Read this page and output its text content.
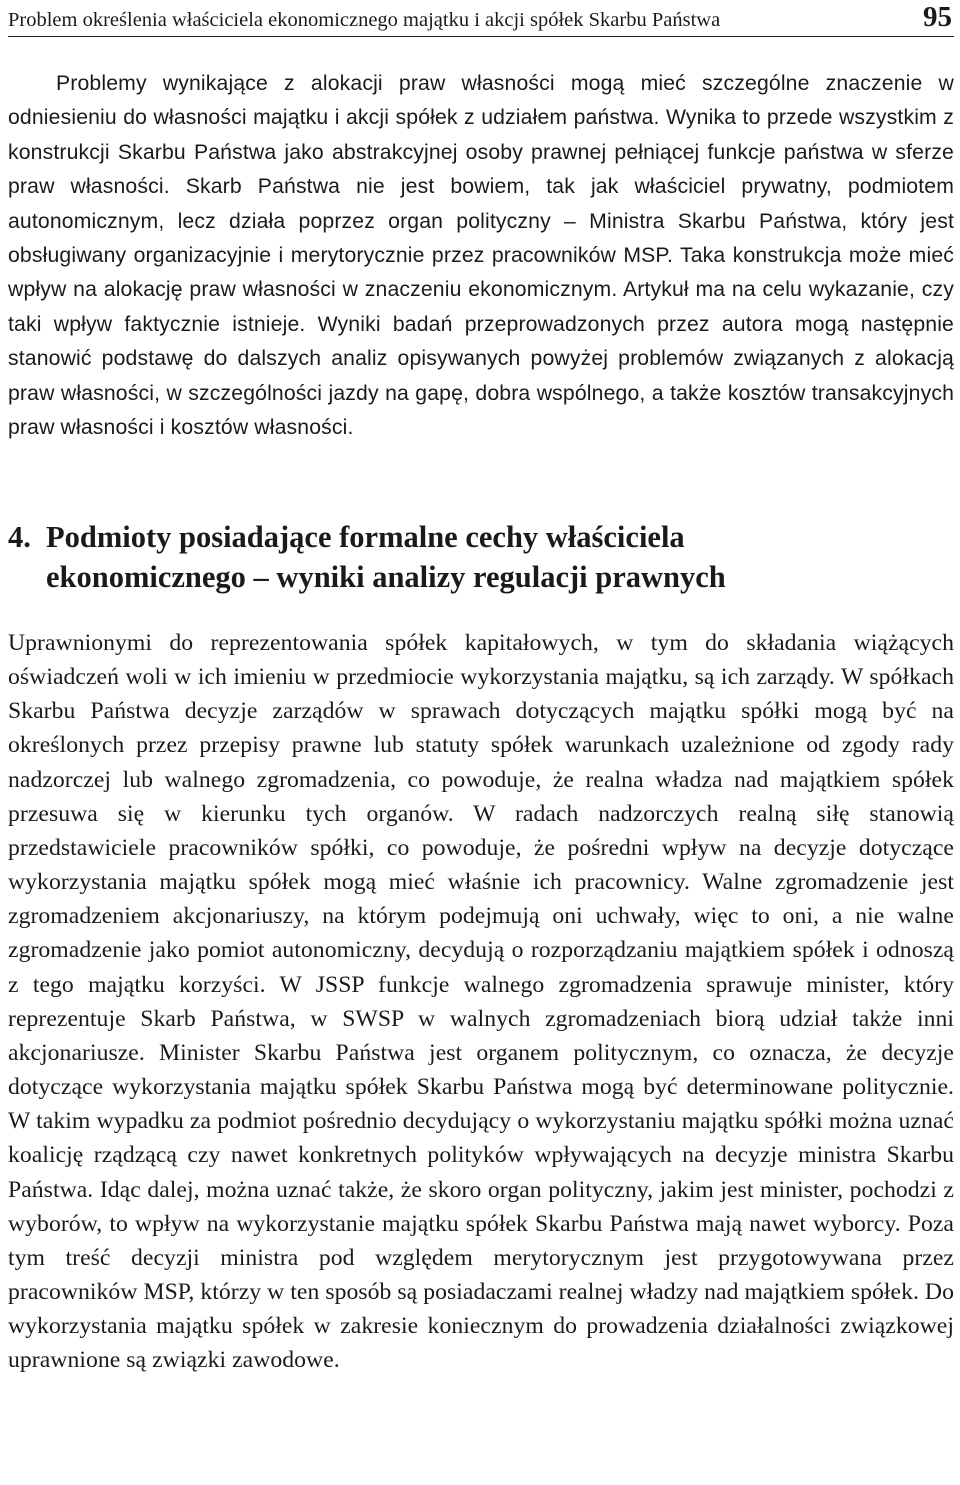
Problem określenia właściciela ekonomicznego majątku i akcji spółek Skarbu Państwa	95

Problemy wynikające z alokacji praw własności mogą mieć szczególne znaczenie w odniesieniu do własności majątku i akcji spółek z udziałem państwa. Wynika to przede wszystkim z konstrukcji Skarbu Państwa jako abstrakcyjnej osoby prawnej pełniącej funkcje państwa w sferze praw własności. Skarb Państwa nie jest bowiem, tak jak właściciel prywatny, podmiotem autonomicznym, lecz działa poprzez organ polityczny – Ministra Skarbu Państwa, który jest obsługiwany organizacyjnie i merytorycznie przez pracowników MSP. Taka konstrukcja może mieć wpływ na alokację praw własności w znaczeniu ekonomicznym. Artykuł ma na celu wykazanie, czy taki wpływ faktycznie istnieje. Wyniki badań przeprowadzonych przez autora mogą następnie stanowić podstawę do dalszych analiz opisywanych powyżej problemów związanych z alokacją praw własności, w szczególności jazdy na gapę, dobra wspólnego, a także kosztów transakcyjnych praw własności i kosztów własności.

4. Podmioty posiadające formalne cechy właściciela
ekonomicznego – wyniki analizy regulacji prawnych

Uprawnionymi do reprezentowania spółek kapitałowych, w tym do składania wiążących oświadczeń woli w ich imieniu w przedmiocie wykorzystania majątku, są ich zarządy. W spółkach Skarbu Państwa decyzje zarządów w sprawach dotyczących majątku spółki mogą być na określonych przez przepisy prawne lub statuty spółek warunkach uzależnione od zgody rady nadzorczej lub walnego zgromadzenia, co powoduje, że realna władza nad majątkiem spółek przesuwa się w kierunku tych organów. W radach nadzorczych realną siłę stanowią przedstawiciele pracowników spółki, co powoduje, że pośredni wpływ na decyzje dotyczące wykorzystania majątku spółek mogą mieć właśnie ich pracownicy. Walne zgromadzenie jest zgromadzeniem akcjonariuszy, na którym podejmują oni uchwały, więc to oni, a nie walne zgromadzenie jako pomiot autonomiczny, decydują o rozporządzaniu majątkiem spółek i odnoszą z tego majątku korzyści. W JSSP funkcje walnego zgromadzenia sprawuje minister, który reprezentuje Skarb Państwa, w SWSP w walnych zgromadzeniach biorą udział także inni akcjonariusze. Minister Skarbu Państwa jest organem politycznym, co oznacza, że decyzje dotyczące wykorzystania majątku spółek Skarbu Państwa mogą być determinowane politycznie. W takim wypadku za podmiot pośrednio decydujący o wykorzystaniu majątku spółki można uznać koalicję rządzącą czy nawet konkretnych polityków wpływających na decyzje ministra Skarbu Państwa. Idąc dalej, można uznać także, że skoro organ polityczny, jakim jest minister, pochodzi z wyborów, to wpływ na wykorzystanie majątku spółek Skarbu Państwa mają nawet wyborcy. Poza tym treść decyzji ministra pod względem merytorycznym jest przygotowywana przez pracowników MSP, którzy w ten sposób są posiadaczami realnej władzy nad majątkiem spółek. Do wykorzystania majątku spółek w zakresie koniecznym do prowadzenia działalności związkowej uprawnione są związki zawodowe.
